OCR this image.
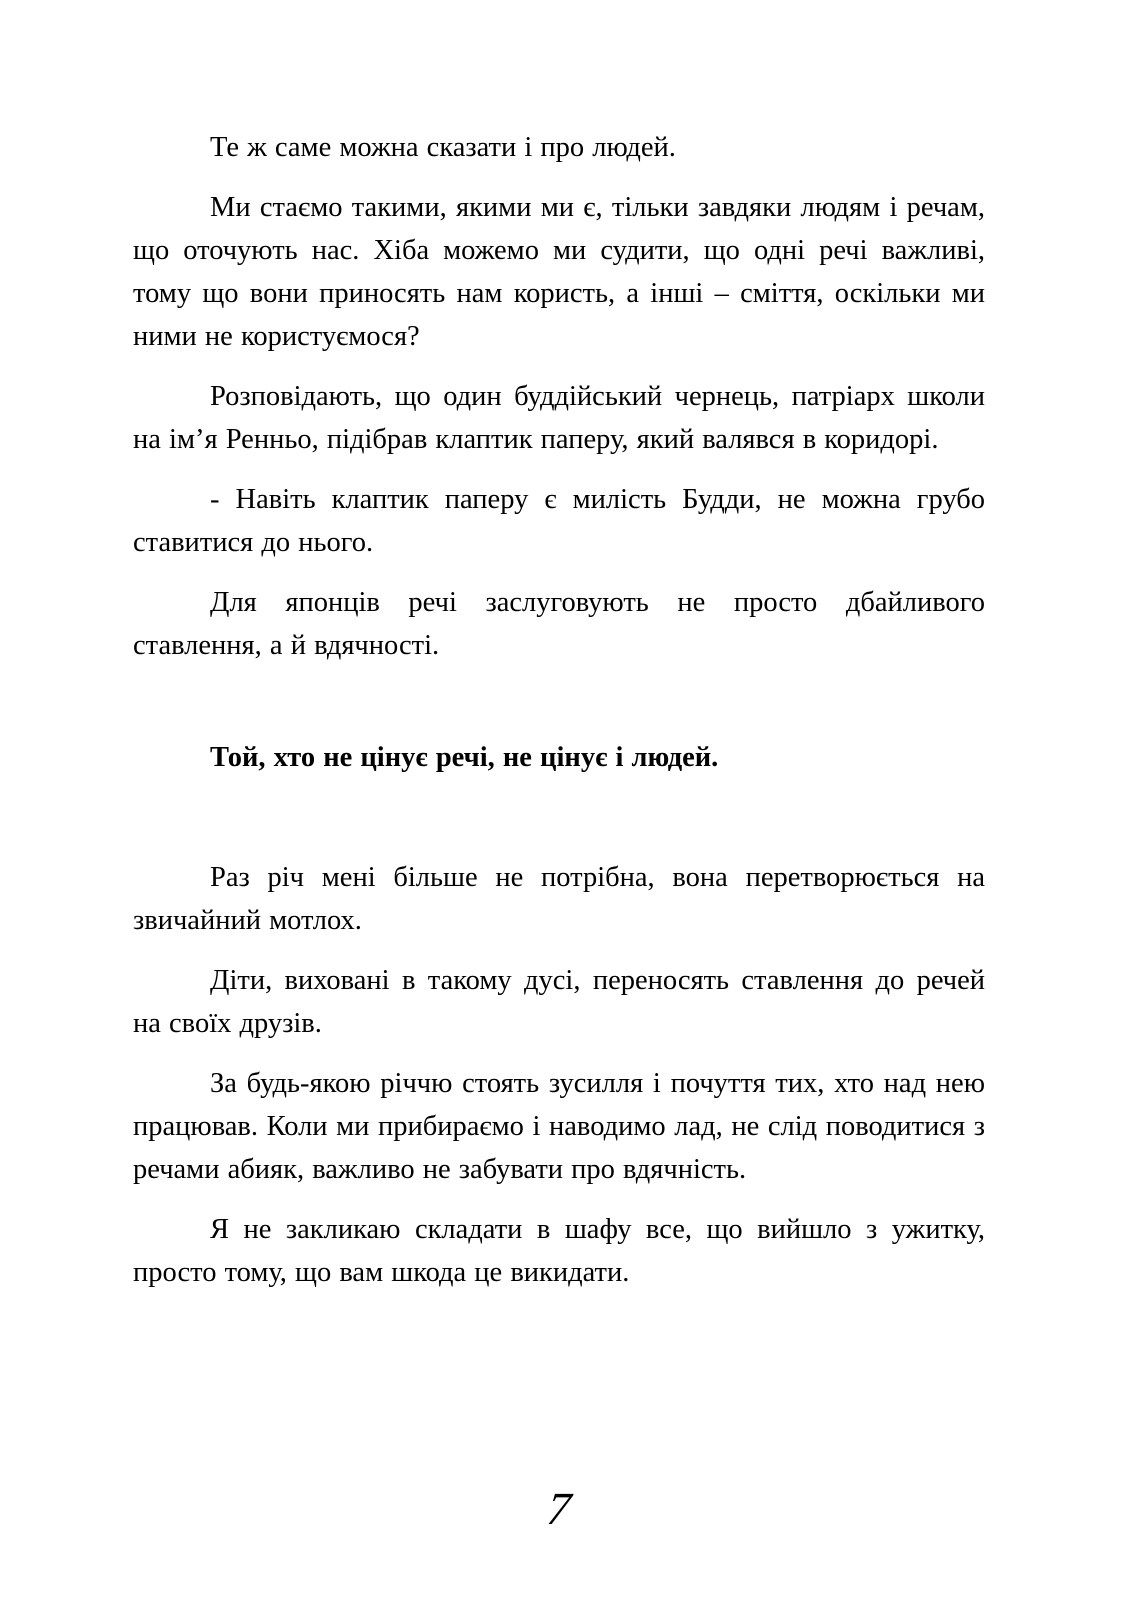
Те ж саме можна сказати і про людей.

Ми стаємо такими, якими ми є, тільки завдяки людям і речам, що оточують нас. Хіба можемо ми судити, що одні речі важливі, тому що вони приносять нам користь, а інші – сміття, оскільки ми ними не користуємося?

Розповідають, що один буддійський чернець, патріарх школи на ім’я Ренньо, підібрав клаптик паперу, який валявся в коридорі.

- Навіть клаптик паперу є милість Будди, не можна грубо ставитися до нього.

Для японців речі заслуговують не просто дбайливого ставлення, а й вдячності.

Той, хто не цінує речі, не цінує і людей.

Раз річ мені більше не потрібна, вона перетворюється на звичайний мотлох.

Діти, виховані в такому дусі, переносять ставлення до речей на своїх друзів.

За будь-якою річчю стоять зусилля і почуття тих, хто над нею працював. Коли ми прибираємо і наводимо лад, не слід поводитися з речами абияк, важливо не забувати про вдячність.

Я не закликаю складати в шафу все, що вийшло з ужитку, просто тому, що вам шкода це викидати.

7
